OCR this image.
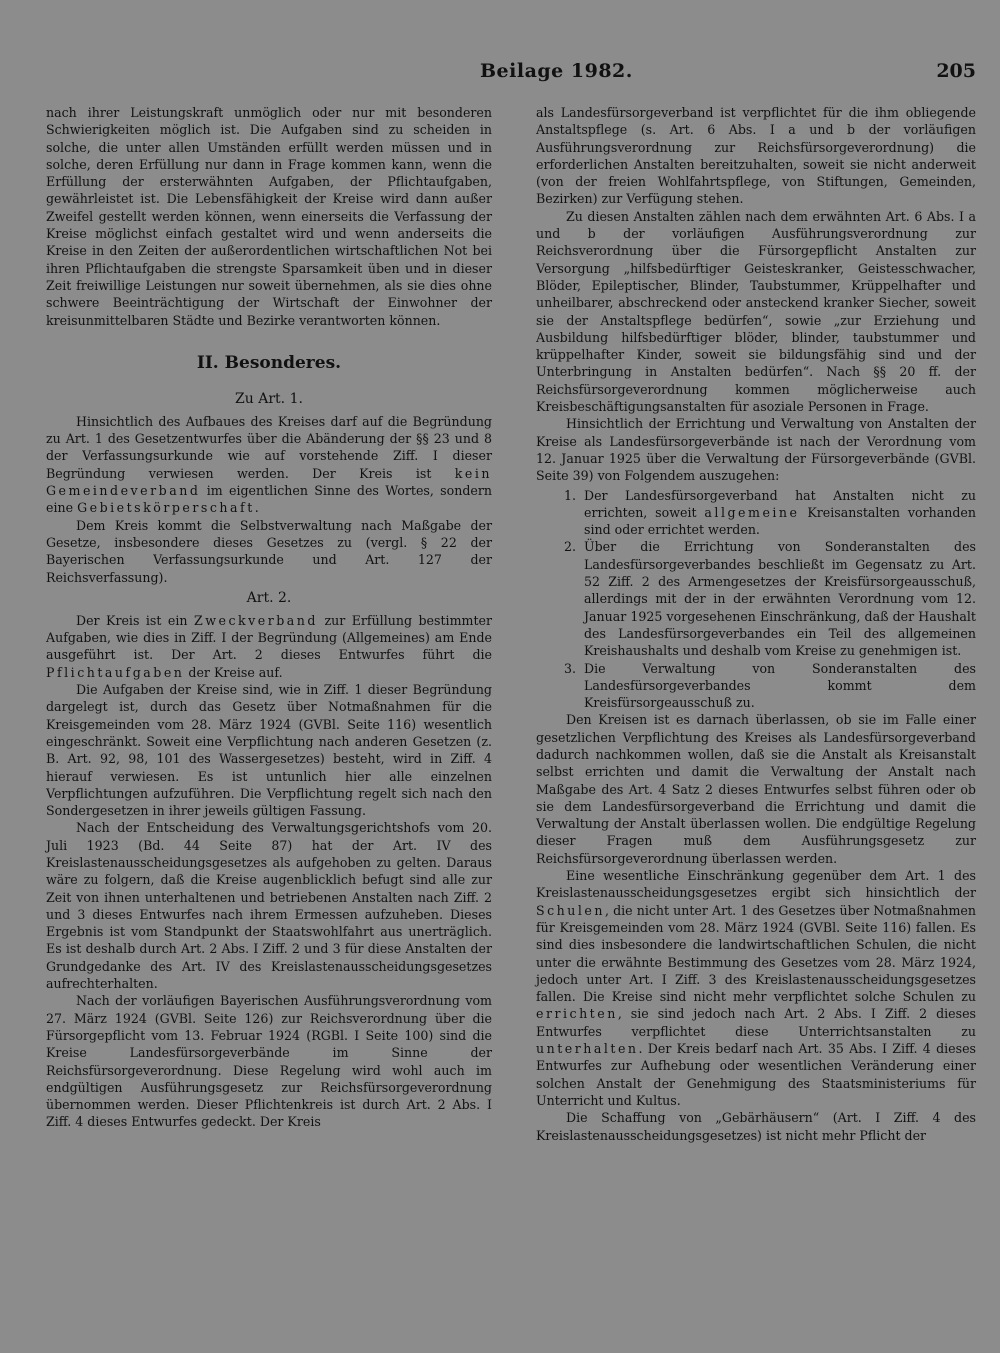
Beilage 1982.	205

nach ihrer Leistungskraft unmöglich oder nur mit besonderen Schwierigkeiten möglich ist. Die Aufgaben sind zu scheiden in solche, die unter allen Umständen erfüllt werden müssen und in solche, deren Erfüllung nur dann in Frage kommen kann, wenn die Erfüllung der ersterwähnten Aufgaben, der Pflichtaufgaben, gewährleistet ist. Die Lebensfähigkeit der Kreise wird dann außer Zweifel gestellt werden können, wenn einerseits die Verfassung der Kreise möglichst einfach gestaltet wird und wenn anderseits die Kreise in den Zeiten der außerordentlichen wirtschaftlichen Not bei ihren Pflichtaufgaben die strengste Sparsamkeit üben und in dieser Zeit freiwillige Leistungen nur soweit übernehmen, als sie dies ohne schwere Beeinträchtigung der Wirtschaft der Einwohner der kreisunmittelbaren Städte und Bezirke verantworten können.

II. Besonderes.
Zu Art. 1.

Hinsichtlich des Aufbaues des Kreises darf auf die Begründung zu Art. 1 des Gesetzentwurfes über die Abänderung der §§ 23 und 8 der Verfassungsurkunde wie auf vorstehende Ziff. I dieser Begründung verwiesen werden. Der Kreis ist kein Gemeindeverband im eigentlichen Sinne des Wortes, sondern eine Gebietskörperschaft.

Dem Kreis kommt die Selbstverwaltung nach Maßgabe der Gesetze, insbesondere dieses Gesetzes zu (vergl. § 22 der Bayerischen Verfassungsurkunde und Art. 127 der Reichsverfassung).

Art. 2.

Der Kreis ist ein Zweckverband zur Erfüllung bestimmter Aufgaben, wie dies in Ziff. I der Begründung (Allgemeines) am Ende ausgeführt ist. Der Art. 2 dieses Entwurfes führt die Pflichtaufgaben der Kreise auf.

Die Aufgaben der Kreise sind, wie in Ziff. 1 dieser Begründung dargelegt ist, durch das Gesetz über Notmaßnahmen für die Kreisgemeinden vom 28. März 1924 (GVBl. Seite 116) wesentlich eingeschränkt. Soweit eine Verpflichtung nach anderen Gesetzen (z. B. Art. 92, 98, 101 des Wassergesetzes) besteht, wird in Ziff. 4 hierauf verwiesen. Es ist untunlich hier alle einzelnen Verpflichtungen aufzuführen. Die Verpflichtung regelt sich nach den Sondergesetzen in ihrer jeweils gültigen Fassung.

Nach der Entscheidung des Verwaltungsgerichtshofs vom 20. Juli 1923 (Bd. 44 Seite 87) hat der Art. IV des Kreislastenausscheidungsgesetzes als aufgehoben zu gelten. Daraus wäre zu folgern, daß die Kreise augenblicklich befugt sind alle zur Zeit von ihnen unterhaltenen und betriebenen Anstalten nach Ziff. 2 und 3 dieses Entwurfes nach ihrem Ermessen aufzuheben. Dieses Ergebnis ist vom Standpunkt der Staatswohlfahrt aus unerträglich. Es ist deshalb durch Art. 2 Abs. I Ziff. 2 und 3 für diese Anstalten der Grundgedanke des Art. IV des Kreislastenausscheidungsgesetzes aufrechterhalten.

Nach der vorläufigen Bayerischen Ausführungsverordnung vom 27. März 1924 (GVBl. Seite 126) zur Reichsverordnung über die Fürsorgepflicht vom 13. Februar 1924 (RGBl. I Seite 100) sind die Kreise Landesfürsorgeverbände im Sinne der Reichsfürsorgeverordnung. Diese Regelung wird wohl auch im endgültigen Ausführungsgesetz zur Reichsfürsorgeverordnung übernommen werden. Dieser Pflichtenkreis ist durch Art. 2 Abs. I Ziff. 4 dieses Entwurfes gedeckt. Der Kreis

als Landesfürsorgeverband ist verpflichtet für die ihm obliegende Anstaltspflege (s. Art. 6 Abs. I a und b der vorläufigen Ausführungsverordnung zur Reichsfürsorgeverordnung) die erforderlichen Anstalten bereitzuhalten, soweit sie nicht anderweit (von der freien Wohlfahrtspflege, von Stiftungen, Gemeinden, Bezirken) zur Verfügung stehen.

Zu diesen Anstalten zählen nach dem erwähnten Art. 6 Abs. I a und b der vorläufigen Ausführungsverordnung zur Reichsverordnung über die Fürsorgepflicht Anstalten zur Versorgung „hilfsbedürftiger Geisteskranker, Geistesschwacher, Blöder, Epileptischer, Blinder, Taubstummer, Krüppelhafter und unheilbarer, abschreckend oder ansteckend kranker Siecher, soweit sie der Anstaltspflege bedürfen“, sowie „zur Erziehung und Ausbildung hilfsbedürftiger blöder, blinder, taubstummer und krüppelhafter Kinder, soweit sie bildungsfähig sind und der Unterbringung in Anstalten bedürfen“. Nach §§ 20 ff. der Reichsfürsorgeverordnung kommen möglicherweise auch Kreisbeschäftigungsanstalten für asoziale Personen in Frage.

Hinsichtlich der Errichtung und Verwaltung von Anstalten der Kreise als Landesfürsorgeverbände ist nach der Verordnung vom 12. Januar 1925 über die Verwaltung der Fürsorgeverbände (GVBl. Seite 39) von Folgendem auszugehen:

1. Der Landesfürsorgeverband hat Anstalten nicht zu errichten, soweit allgemeine Kreisanstalten vorhanden sind oder errichtet werden.
2. Über die Errichtung von Sonderanstalten des Landesfürsorgeverbandes beschließt im Gegensatz zu Art. 52 Ziff. 2 des Armengesetzes der Kreisfürsorgeausschuß, allerdings mit der in der erwähnten Verordnung vom 12. Januar 1925 vorgesehenen Einschränkung, daß der Haushalt des Landesfürsorgeverbandes ein Teil des allgemeinen Kreishaushalts und deshalb vom Kreise zu genehmigen ist.
3. Die Verwaltung von Sonderanstalten des Landesfürsorgeverbandes kommt dem Kreisfürsorgeausschuß zu.

Den Kreisen ist es darnach überlassen, ob sie im Falle einer gesetzlichen Verpflichtung des Kreises als Landesfürsorgeverband dadurch nachkommen wollen, daß sie die Anstalt als Kreisanstalt selbst errichten und damit die Verwaltung der Anstalt nach Maßgabe des Art. 4 Satz 2 dieses Entwurfes selbst führen oder ob sie dem Landesfürsorgeverband die Errichtung und damit die Verwaltung der Anstalt überlassen wollen. Die endgültige Regelung dieser Fragen muß dem Ausführungsgesetz zur Reichsfürsorgeverordnung überlassen werden.

Eine wesentliche Einschränkung gegenüber dem Art. 1 des Kreislastenausscheidungsgesetzes ergibt sich hinsichtlich der Schulen, die nicht unter Art. 1 des Gesetzes über Notmaßnahmen für Kreisgemeinden vom 28. März 1924 (GVBl. Seite 116) fallen. Es sind dies insbesondere die landwirtschaftlichen Schulen, die nicht unter die erwähnte Bestimmung des Gesetzes vom 28. März 1924, jedoch unter Art. I Ziff. 3 des Kreislastenausscheidungsgesetzes fallen. Die Kreise sind nicht mehr verpflichtet solche Schulen zu errichten, sie sind jedoch nach Art. 2 Abs. I Ziff. 2 dieses Entwurfes verpflichtet diese Unterrichtsanstalten zu unterhalten. Der Kreis bedarf nach Art. 35 Abs. I Ziff. 4 dieses Entwurfes zur Aufhebung oder wesentlichen Veränderung einer solchen Anstalt der Genehmigung des Staatsministeriums für Unterricht und Kultus.

Die Schaffung von „Gebärhäusern“ (Art. I Ziff. 4 des Kreislastenausscheidungsgesetzes) ist nicht mehr Pflicht der
